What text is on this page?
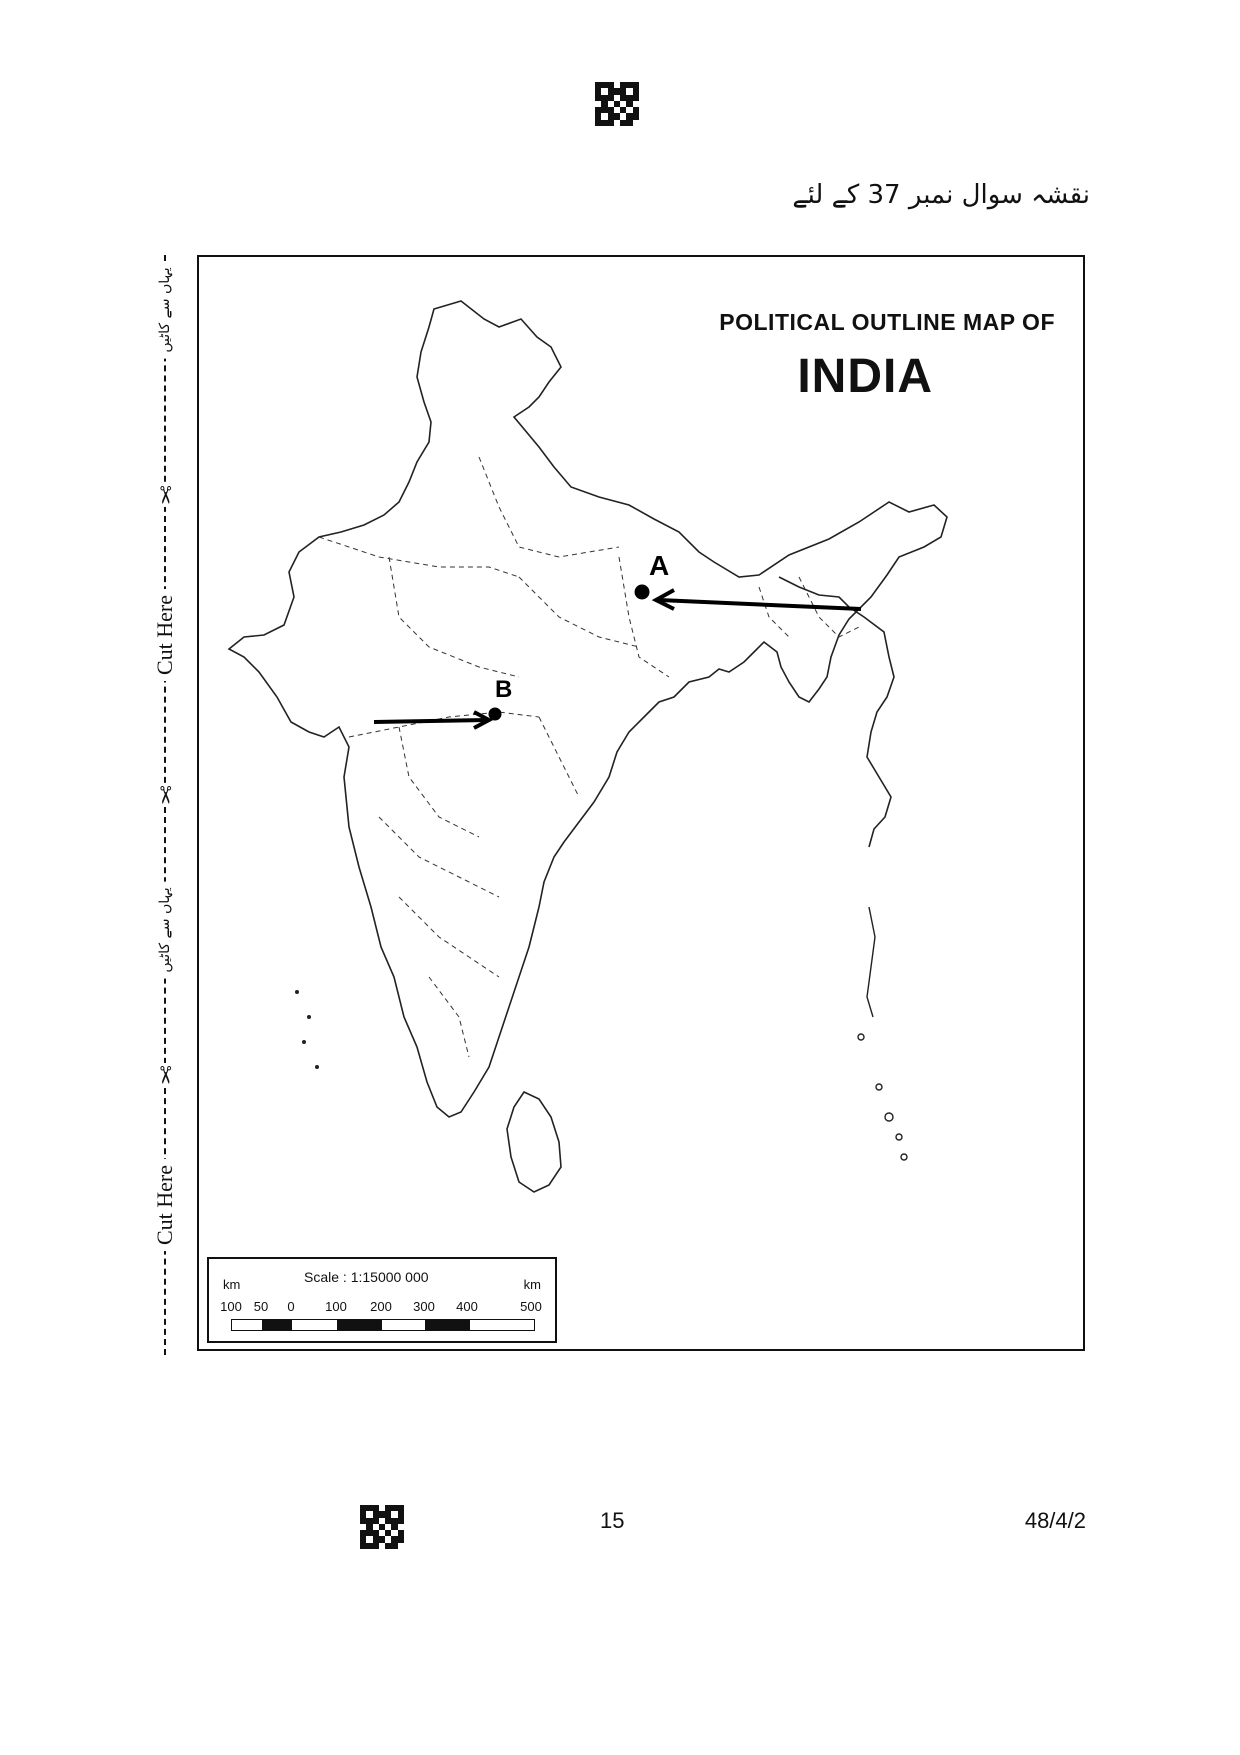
نقشہ سوال نمبر 37 کے لئے
یہاں سے کاٹیں
✂
Cut Here
✂
یہاں سے کاٹیں
✂
Cut Here
A
B
POLITICAL OUTLINE MAP OF
INDIA
km	Scale : 1:15000 000	km
100 50 0 100 200 300 400	500
15	48/4/2
